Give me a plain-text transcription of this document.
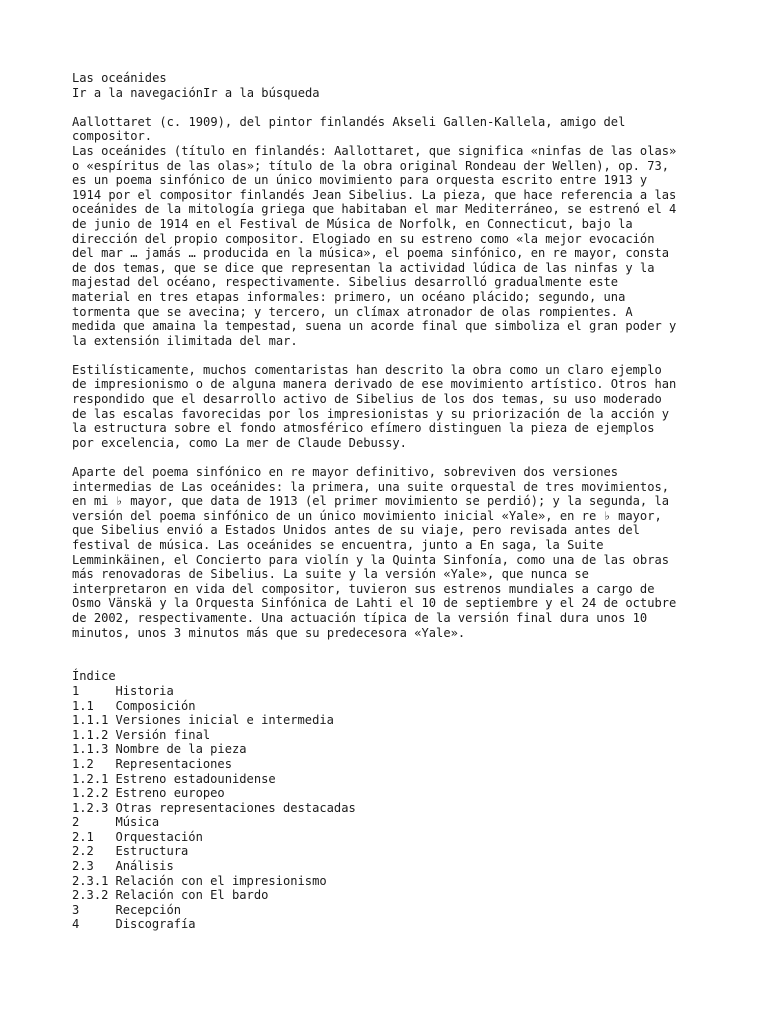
Las oceánides
Ir a la navegaciónIr a la búsqueda
Aallottaret (c. 1909), del pintor finlandés Akseli Gallen-Kallela, amigo del
compositor.
Las oceánides (título en finlandés: Aallottaret, que significa «ninfas de las olas»
o «espíritus de las olas»; título de la obra original Rondeau der Wellen), op. 73,
es un poema sinfónico de un único movimiento para orquesta escrito entre 1913 y
1914 por el compositor finlandés Jean Sibelius. La pieza, que hace referencia a las
oceánides de la mitología griega que habitaban el mar Mediterráneo, se estrenó el 4
de junio de 1914 en el Festival de Música de Norfolk, en Connecticut, bajo la
dirección del propio compositor. Elogiado en su estreno como «la mejor evocación
del mar … jamás … producida en la música», el poema sinfónico, en re mayor, consta
de dos temas, que se dice que representan la actividad lúdica de las ninfas y la
majestad del océano, respectivamente. Sibelius desarrolló gradualmente este
material en tres etapas informales: primero, un océano plácido; segundo, una
tormenta que se avecina; y tercero, un clímax atronador de olas rompientes. A
medida que amaina la tempestad, suena un acorde final que simboliza el gran poder y
la extensión ilimitada del mar.
Estilísticamente, muchos comentaristas han descrito la obra como un claro ejemplo
de impresionismo o de alguna manera derivado de ese movimiento artístico. Otros han
respondido que el desarrollo activo de Sibelius de los dos temas, su uso moderado
de las escalas favorecidas por los impresionistas y su priorización de la acción y
la estructura sobre el fondo atmosférico efímero distinguen la pieza de ejemplos
por excelencia, como La mer de Claude Debussy.
Aparte del poema sinfónico en re mayor definitivo, sobreviven dos versiones
intermedias de Las oceánides: la primera, una suite orquestal de tres movimientos,
en mi ♭ mayor, que data de 1913 (el primer movimiento se perdió); y la segunda, la
versión del poema sinfónico de un único movimiento inicial «Yale», en re ♭ mayor,
que Sibelius envió a Estados Unidos antes de su viaje, pero revisada antes del
festival de música. Las oceánides se encuentra, junto a En saga, la Suite
Lemminkäinen, el Concierto para violín y la Quinta Sinfonía, como una de las obras
más renovadoras de Sibelius. La suite y la versión «Yale», que nunca se
interpretaron en vida del compositor, tuvieron sus estrenos mundiales a cargo de
Osmo Vänskä y la Orquesta Sinfónica de Lahti el 10 de septiembre y el 24 de octubre
de 2002, respectivamente. Una actuación típica de la versión final dura unos 10
minutos, unos 3 minutos más que su predecesora «Yale».
Índice
1	Historia
1.1 Composición
1.1.1 Versiones inicial e intermedia
1.1.2 Versión final
1.1.3 Nombre de la pieza
1.2 Representaciones
1.2.1 Estreno estadounidense
1.2.2 Estreno europeo
1.2.3 Otras representaciones destacadas
2	Música
2.1 Orquestación
2.2 Estructura
2.3 Análisis
2.3.1 Relación con el impresionismo
2.3.2 Relación con El bardo
3	Recepción
4	Discografía
